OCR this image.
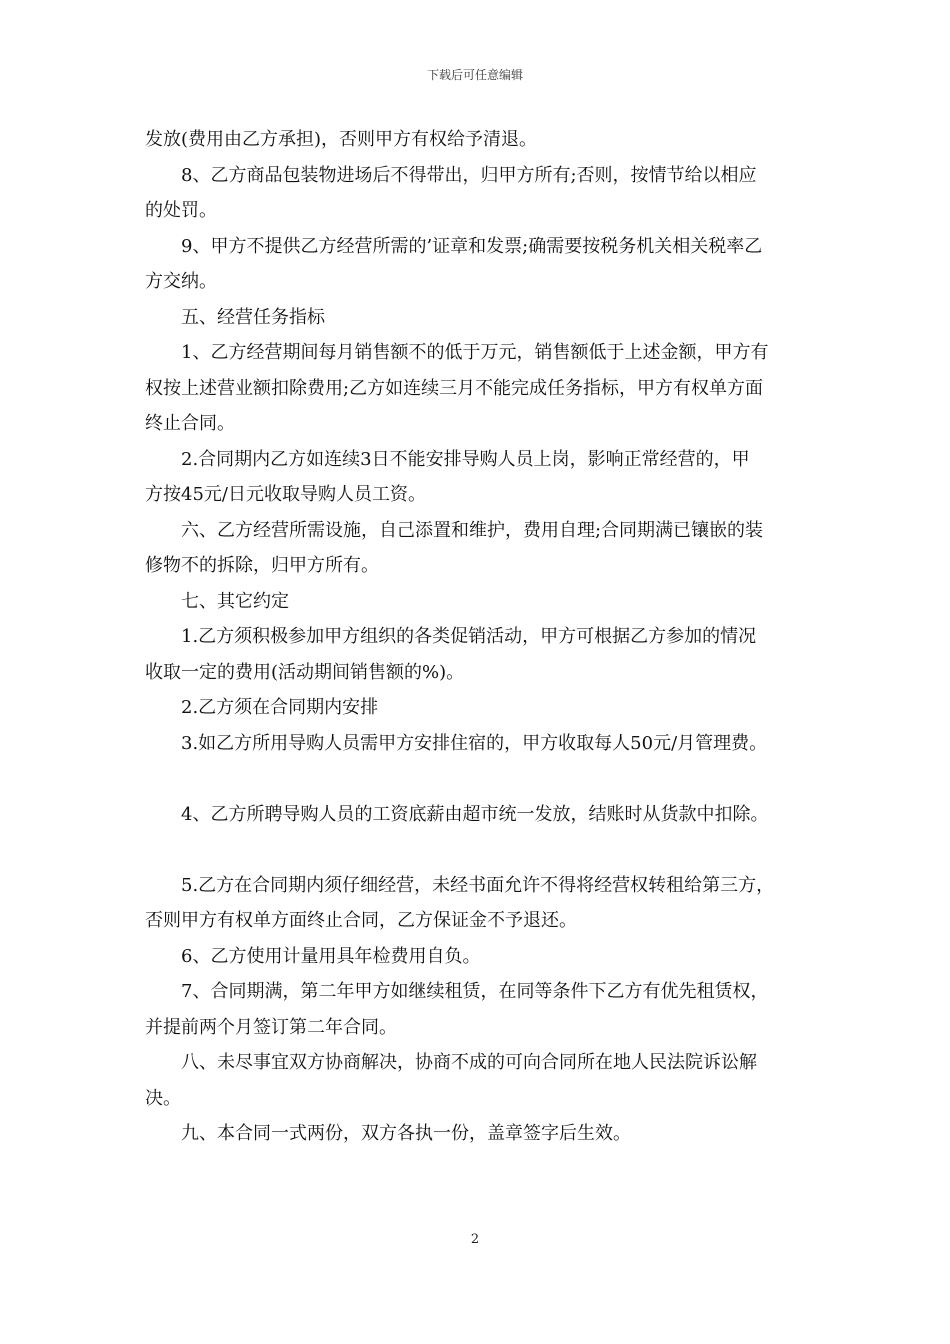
下载后可任意编辑

发放(费用由乙方承担)，否则甲方有权给予清退。

8、乙方商品包装物进场后不得带出，归甲方所有;否则，按情节给以相应

的处罚。

9、甲方不提供乙方经营所需的’证章和发票;确需要按税务机关相关税率乙

方交纳。

五、经营任务指标

1、乙方经营期间每月销售额不的低于万元，销售额低于上述金额，甲方有

权按上述营业额扣除费用;乙方如连续三月不能完成任务指标，甲方有权单方面

终止合同。

2.合同期内乙方如连续3日不能安排导购人员上岗，影响正常经营的，甲

方按45元/日元收取导购人员工资。

六、乙方经营所需设施，自己添置和维护，费用自理;合同期满已镶嵌的装

修物不的拆除，归甲方所有。

七、其它约定

1.乙方须积极参加甲方组织的各类促销活动，甲方可根据乙方参加的情况

收取一定的费用(活动期间销售额的%)。

2.乙方须在合同期内安排

3.如乙方所用导购人员需甲方安排住宿的，甲方收取每人50元/月管理费。

4、乙方所聘导购人员的工资底薪由超市统一发放，结账时从货款中扣除。

5.乙方在合同期内须仔细经营，未经书面允许不得将经营权转租给第三方，

否则甲方有权单方面终止合同，乙方保证金不予退还。

6、乙方使用计量用具年检费用自负。

7、合同期满，第二年甲方如继续租赁，在同等条件下乙方有优先租赁权，

并提前两个月签订第二年合同。

八、未尽事宜双方协商解决，协商不成的可向合同所在地人民法院诉讼解

决。

九、本合同一式两份，双方各执一份，盖章签字后生效。

2
